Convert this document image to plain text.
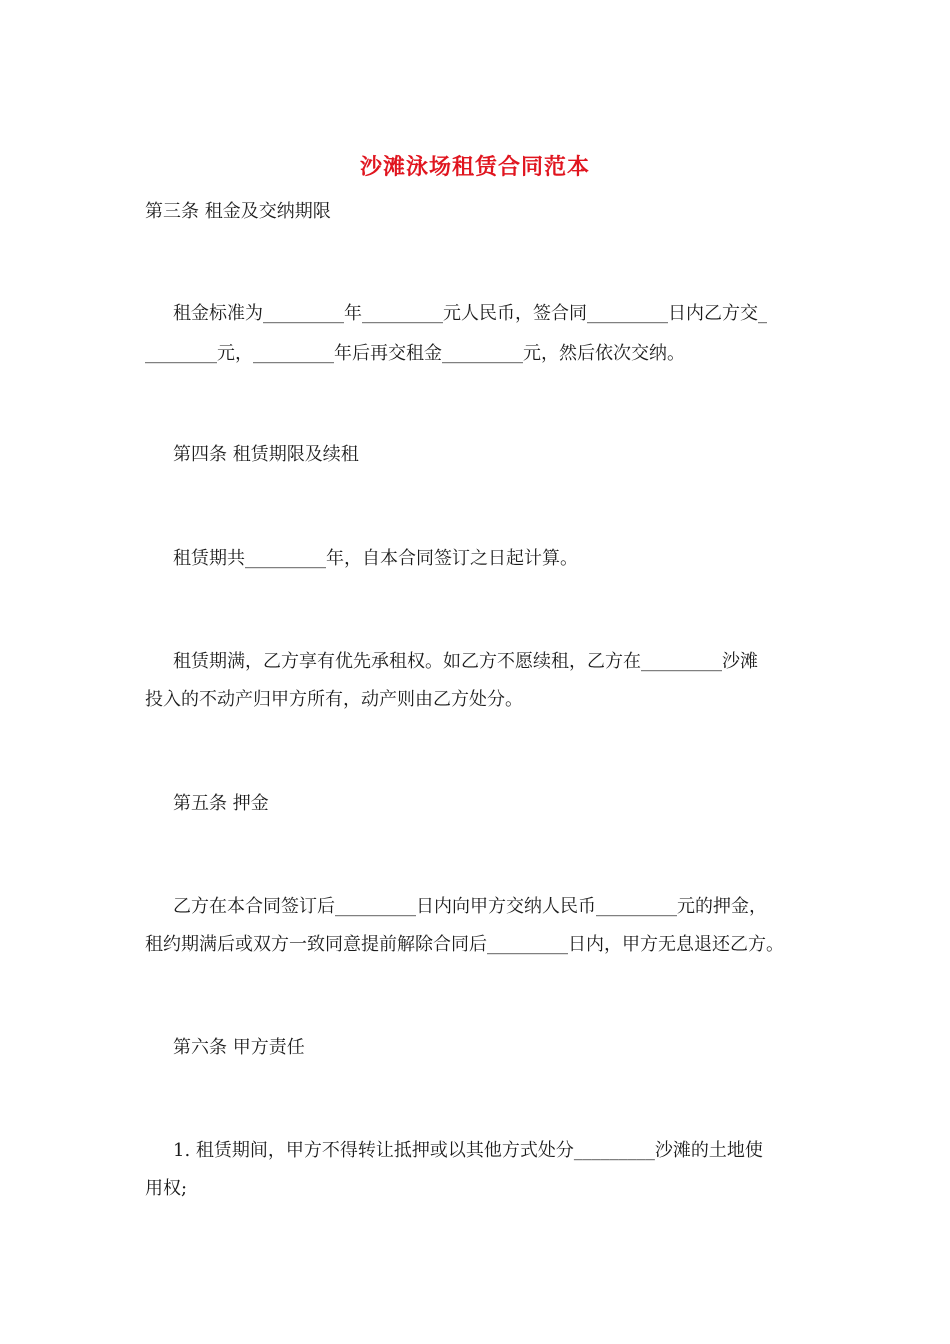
沙滩泳场租赁合同范本
第三条 租金及交纳期限
租金标准为_________年_________元人民币，签合同_________日内乙方交_
________元，_________年后再交租金_________元，然后依次交纳。
第四条 租赁期限及续租
租赁期共_________年，自本合同签订之日起计算。
租赁期满，乙方享有优先承租权。如乙方不愿续租，乙方在_________沙滩
投入的不动产归甲方所有，动产则由乙方处分。
第五条 押金
乙方在本合同签订后_________日内向甲方交纳人民币_________元的押金，
租约期满后或双方一致同意提前解除合同后_________日内，甲方无息退还乙方。
第六条 甲方责任
1. 租赁期间，甲方不得转让抵押或以其他方式处分_________沙滩的土地使
用权;
